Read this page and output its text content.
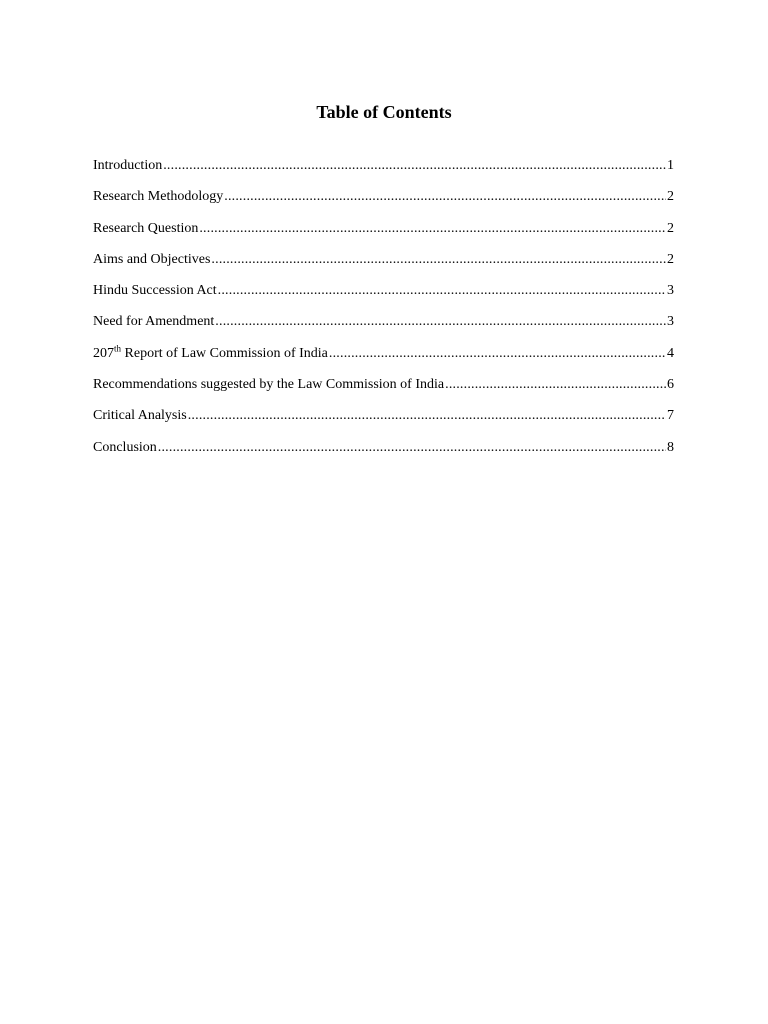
Table of Contents
Introduction .....	1
Research Methodology .....	2
Research Question .....	2
Aims and Objectives .....	2
Hindu Succession Act .....	3
Need for Amendment .....	3
207th Report of Law Commission of India .....	4
Recommendations suggested by the Law Commission of India .....	6
Critical Analysis .....	7
Conclusion .....	8
